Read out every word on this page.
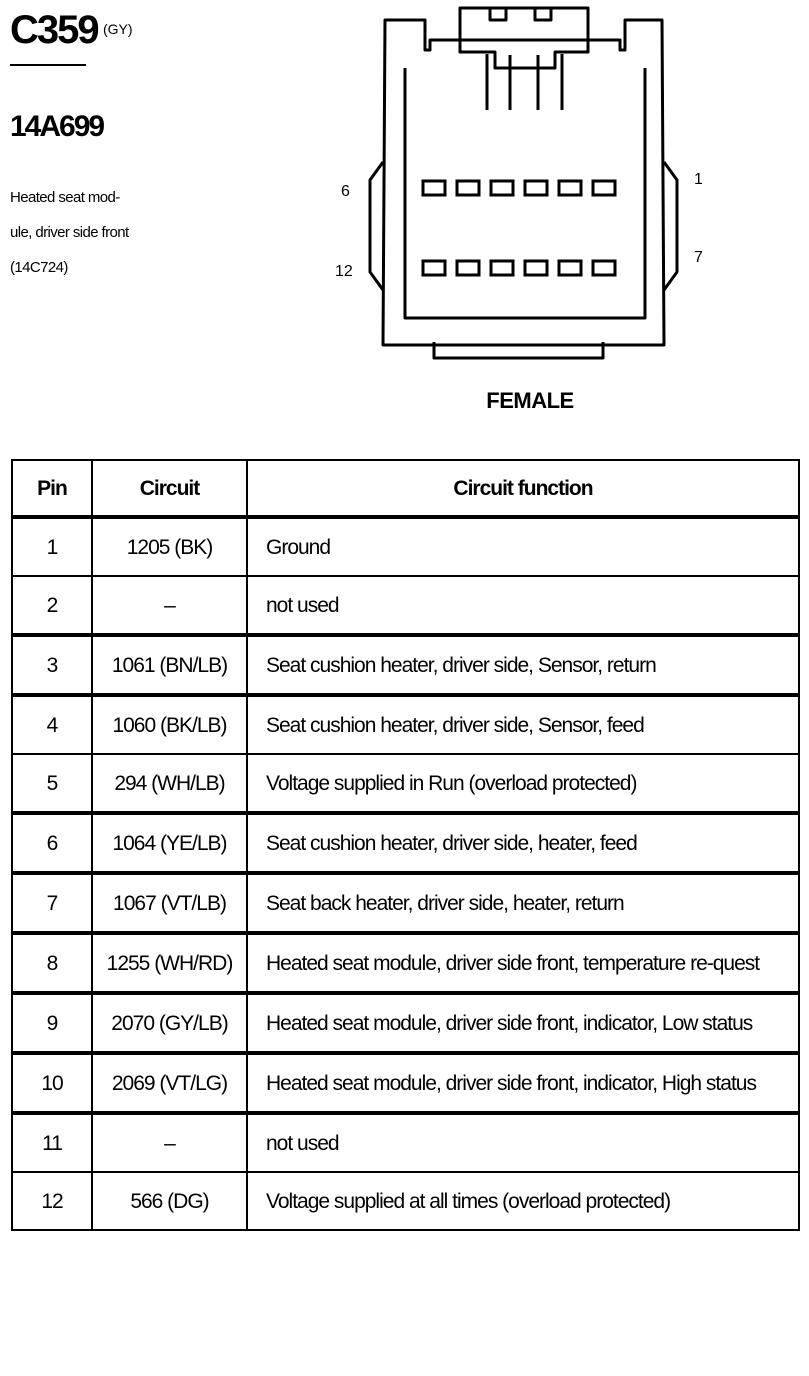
C359 (GY)
14A699
Heated seat mod-
ule, driver side front
(14C724)
6
1
12
7
FEMALE
Pin	Circuit	Circuit function
1	1205 (BK)	Ground
2	–	not used
3	1061 (BN/LB)	Seat cushion heater, driver side, Sensor, return
4	1060 (BK/LB)	Seat cushion heater, driver side, Sensor, feed
5	294 (WH/LB)	Voltage supplied in Run (overload protected)
6	1064 (YE/LB)	Seat cushion heater, driver side, heater, feed
7	1067 (VT/LB)	Seat back heater, driver side, heater, return
8	1255 (WH/RD)	Heated seat module, driver side front, temperature re-quest
9	2070 (GY/LB)	Heated seat module, driver side front, indicator, Low status
10	2069 (VT/LG)	Heated seat module, driver side front, indicator, High status
11	–	not used
12	566 (DG)	Voltage supplied at all times (overload protected)
